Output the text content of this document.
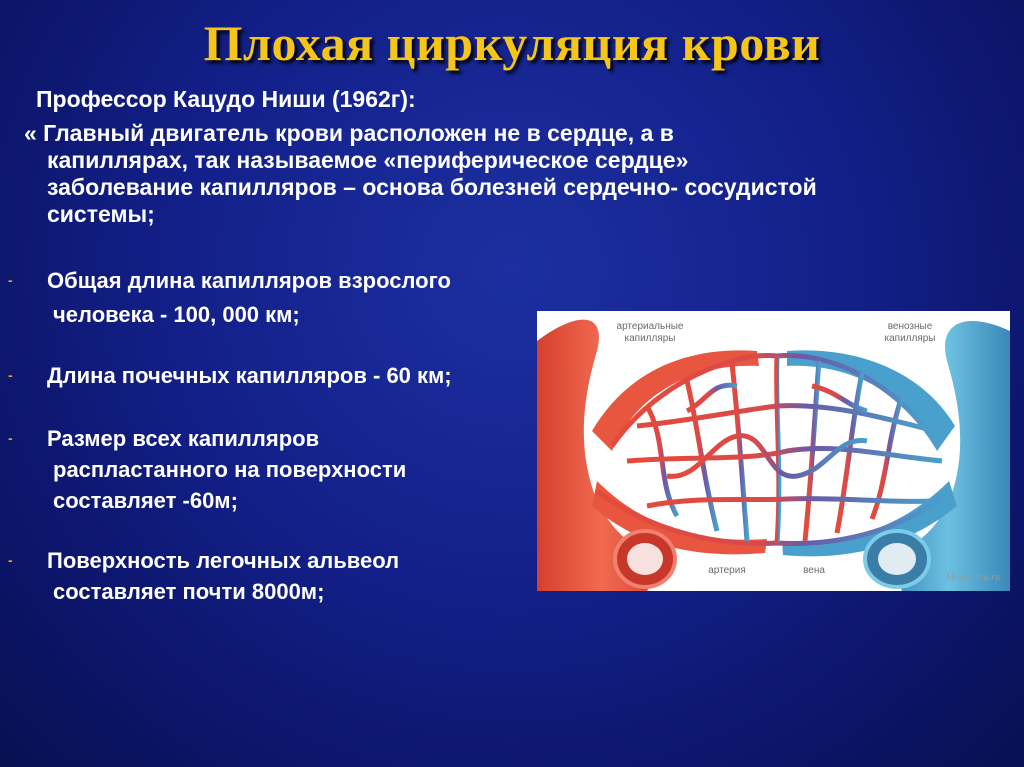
Плохая циркуляция крови
Профессор Кацудо Ниши (1962г):
« Главный двигатель крови расположен не в сердце, а в
капиллярах, так называемое «периферическое сердце»
заболевание капилляров – основа болезней сердечно- сосудистой
системы;
- Общая длина капилляров взрослого
человека - 100, 000 км;
- Длина почечных капилляров - 60 км;
- Размер всех капилляров
распластанного на поверхности
составляет -60м;
- Поверхность легочных альвеол
составляет почти 8000м;
артериальные
капилляры
венозные
капилляры
артерия	вена
Mede-cina.ru
